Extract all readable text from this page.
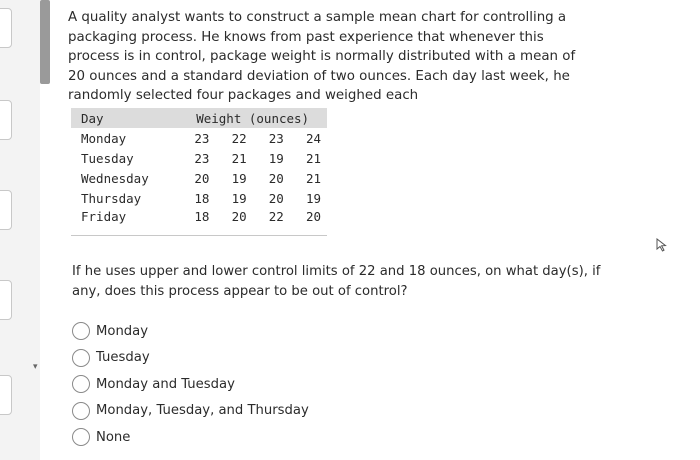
▾

A quality analyst wants to construct a sample mean chart for controlling a packaging process. He knows from past experience that whenever this process is in control, package weight is normally distributed with a mean of 20 ounces and a standard deviation of two ounces. Each day last week, he randomly selected four packages and weighed each

Day	Weight (ounces)			
Monday	23	22	23	24
Tuesday	23	21	19	21
Wednesday	20	19	20	21
Thursday	18	19	20	19
Friday	18	20	22	20

If he uses upper and lower control limits of 22 and 18 ounces, on what day(s), if any, does this process appear to be out of control?

Monday
Tuesday
Monday and Tuesday
Monday, Tuesday, and Thursday
None
